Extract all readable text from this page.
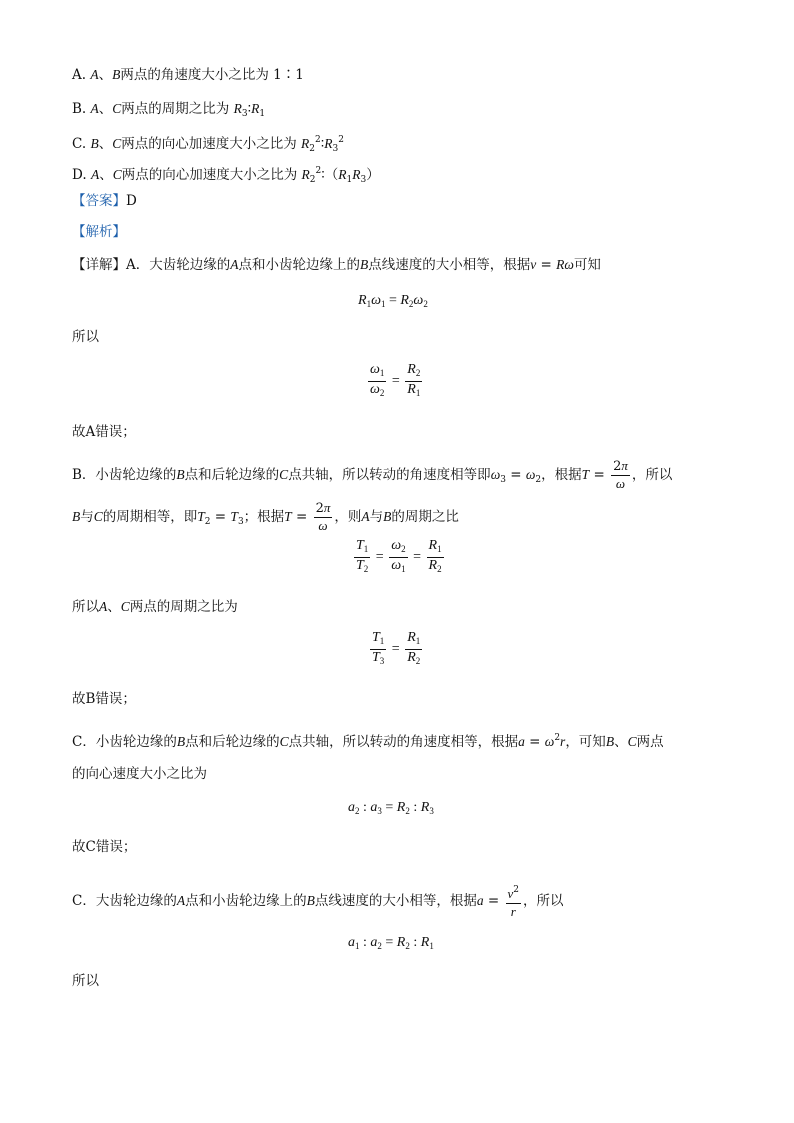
A. A、B两点的角速度大小之比为 1∶1
B. A、C两点的周期之比为 $R_3∶R_1$
C. B、C两点的向心加速度大小之比为 $R_2^2∶R_3^2$
D. A、C两点的向心加速度大小之比为 $R_2^2∶(R_1R_3)$
【答案】D
【解析】
【详解】A．大齿轮边缘的A点和小齿轮边缘上的B点线速度的大小相等，根据v = Rω可知
$R_1\omega_1 = R_2\omega_2$
所以
$\frac{\omega_1}{\omega_2} = \frac{R_2}{R_1}$
故A错误；
B．小齿轮边缘的B点和后轮边缘的C点共轴，所以转动的角速度相等即$\omega_3 = \omega_2$，根据$T = \frac{2\pi}{\omega}$ ，所以
B与C的周期相等，即$T_2 = T_3$；根据$T = \frac{2\pi}{\omega}$ ，则A与B的周期之比
$\frac{T_1}{T_2} = \frac{\omega_2}{\omega_1} = \frac{R_1}{R_2}$
所以A、C两点的周期之比为
$\frac{T_1}{T_3} = \frac{R_1}{R_2}$
故B错误；
C．小齿轮边缘的B点和后轮边缘的C点共轴，所以转动的角速度相等，根据$a = \omega^2r$，可知B、C两点
的向心速度大小之比为
$a_2$ : $a_3 = R_2$ : $R_3$
故C错误；
C．大齿轮边缘的A点和小齿轮边缘上的B点线速度的大小相等，根据$a = \frac{v^2}{r}$ ，所以
$a_1$ : $a_2 = R_2$ : $R_1$
所以
